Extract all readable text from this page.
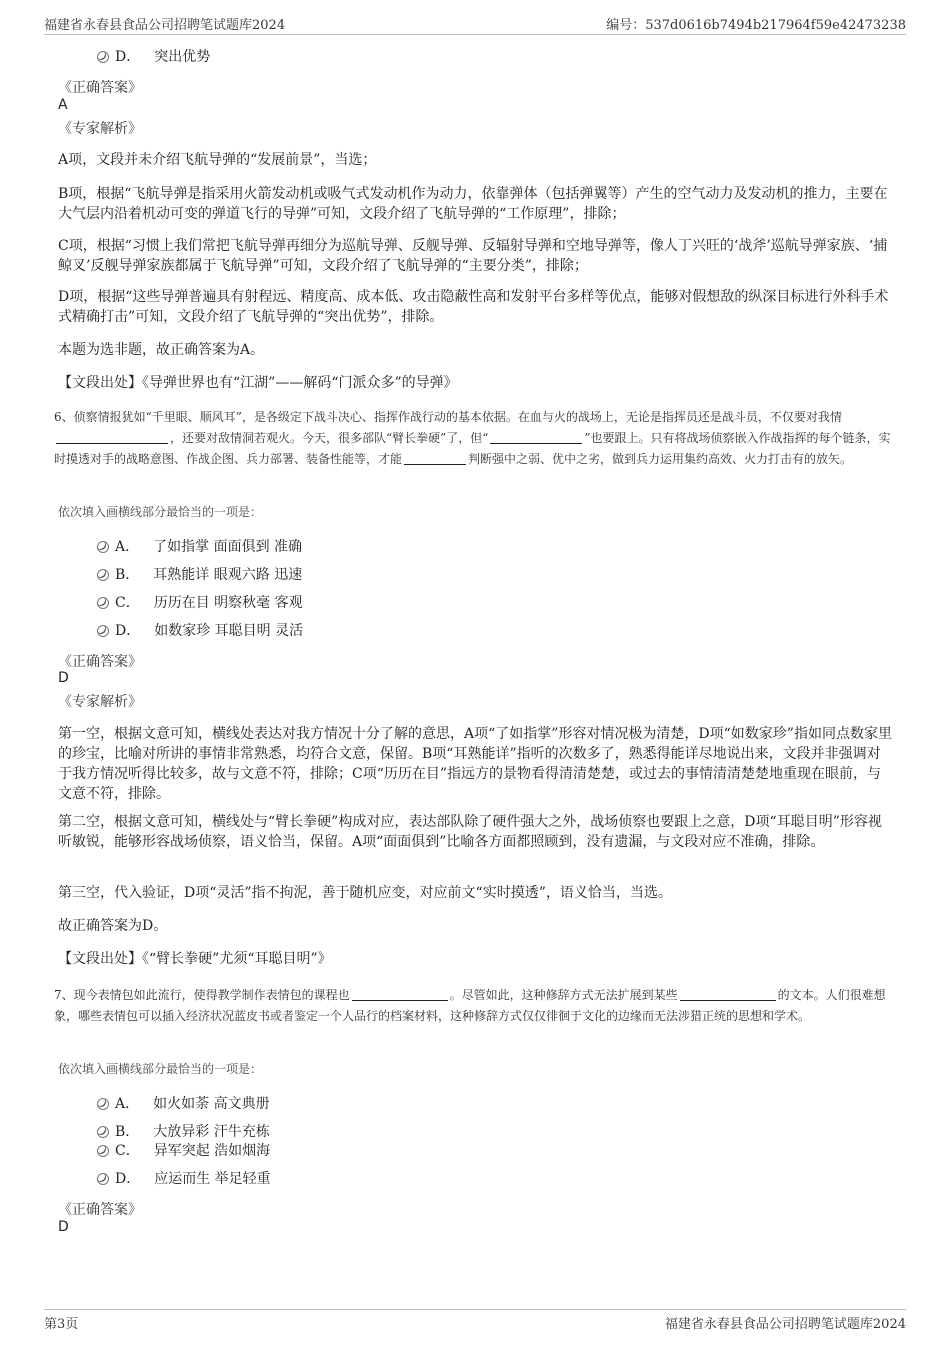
福建省永春县食品公司招聘笔试题库2024	编号：537d0616b7494b217964f59e42473238
D． 突出优势
《正确答案》
A
《专家解析》
A项，文段并未介绍飞航导弹的“发展前景”，当选；
B项，根据“飞航导弹是指采用火箭发动机或吸气式发动机作为动力，依靠弹体（包括弹翼等）产生的空气动力及发动机的推力，主要在大气层内沿着机动可变的弹道飞行的导弹”可知，文段介绍了飞航导弹的“工作原理”，排除；
C项，根据“习惯上我们常把飞航导弹再细分为巡航导弹、反舰导弹、反辐射导弹和空地导弹等，像人丁兴旺的‘战斧’巡航导弹家族、‘捕鲸叉’反舰导弹家族都属于飞航导弹”可知，文段介绍了飞航导弹的“主要分类”，排除；
D项，根据“这些导弹普遍具有射程远、精度高、成本低、攻击隐蔽性高和发射平台多样等优点，能够对假想敌的纵深目标进行外科手术式精确打击”可知，文段介绍了飞航导弹的“突出优势”，排除。
本题为选非题，故正确答案为A。
【文段出处】《导弹世界也有“江湖”——解码“门派众多”的导弹》
6、侦察情报犹如“千里眼、顺风耳”，是各级定下战斗决心、指挥作战行动的基本依据。在血与火的战场上，无论是指挥员还是战斗员，不仅要对我情，还要对敌情洞若观火。今天，很多部队“臂长拳硬”了，但“	”也要跟上。只有将战场侦察嵌入作战指挥的每个链条，实时摸透对手的战略意图、作战企图、兵力部署、装备性能等，才能	判断强中之弱、优中之劣，做到兵力运用集约高效、火力打击有的放矢。
依次填入画横线部分最恰当的一项是：
A． 了如指掌 面面俱到 准确
B． 耳熟能详 眼观六路 迅速
C． 历历在目 明察秋毫 客观
D． 如数家珍 耳聪目明 灵活
《正确答案》
D
《专家解析》
第一空，根据文意可知，横线处表达对我方情况十分了解的意思，A项“了如指掌”形容对情况极为清楚，D项“如数家珍”指如同点数家里的珍宝，比喻对所讲的事情非常熟悉，均符合文意，保留。B项“耳熟能详”指听的次数多了，熟悉得能详尽地说出来，文段并非强调对于我方情况听得比较多，故与文意不符，排除；C项“历历在目”指远方的景物看得清清楚楚，或过去的事情清清楚楚地重现在眼前，与文意不符，排除。
第二空，根据文意可知，横线处与“臂长拳硬”构成对应，表达部队除了硬件强大之外，战场侦察也要跟上之意，D项“耳聪目明”形容视听敏锐，能够形容战场侦察，语义恰当，保留。A项“面面俱到”比喻各方面都照顾到，没有遗漏，与文段对应不准确，排除。
第三空，代入验证，D项“灵活”指不拘泥，善于随机应变，对应前文“实时摸透”，语义恰当，当选。
故正确答案为D。
【文段出处】《“臂长拳硬”尤须“耳聪目明”》
7、现今表情包如此流行，使得教学制作表情包的课程也	。尽管如此，这种修辞方式无法扩展到某些	的文本。人们很难想象，哪些表情包可以插入经济状况蓝皮书或者鉴定一个人品行的档案材料，这种修辞方式仅仅徘徊于文化的边缘而无法涉猎正统的思想和学术。
依次填入画横线部分最恰当的一项是：
A． 如火如荼 高文典册
B． 大放异彩 汗牛充栋
C． 异军突起 浩如烟海
D． 应运而生 举足轻重
《正确答案》
D
第3页	福建省永春县食品公司招聘笔试题库2024
